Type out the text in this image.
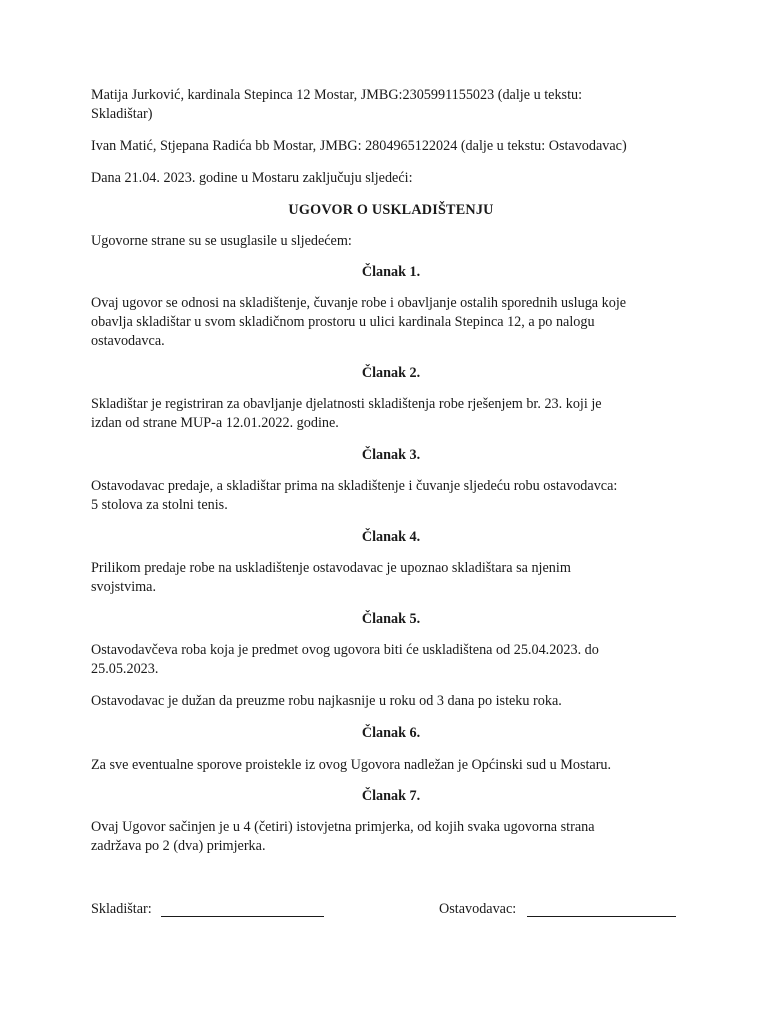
Matija Jurković, kardinala Stepinca 12 Mostar, JMBG:2305991155023 (dalje u tekstu:
Skladištar)
Ivan Matić, Stjepana Radića bb Mostar, JMBG: 2804965122024 (dalje u tekstu: Ostavodavac)
Dana 21.04. 2023. godine u Mostaru zaključuju sljedeći:
UGOVOR O USKLADIŠTENJU
Ugovorne strane su se usuglasile u sljedećem:
Članak 1.
Ovaj ugovor se odnosi na skladištenje, čuvanje robe i obavljanje ostalih sporednih usluga koje
obavlja skladištar u svom skladičnom prostoru u ulici kardinala Stepinca 12, a po nalogu
ostavodavca.
Članak 2.
Skladištar je registriran za obavljanje djelatnosti skladištenja robe rješenjem br. 23. koji je
izdan od strane MUP-a 12.01.2022. godine.
Članak 3.
Ostavodavac predaje, a skladištar prima na skladištenje i čuvanje sljedeću robu ostavodavca:
5 stolova za stolni tenis.
Članak 4.
Prilikom predaje robe na uskladištenje ostavodavac je upoznao skladištara sa njenim
svojstvima.
Članak 5.
Ostavodavčeva roba koja je predmet ovog ugovora biti će uskladištena od 25.04.2023. do
25.05.2023.
Ostavodavac je dužan da preuzme robu najkasnije u roku od 3 dana po isteku roka.
Članak 6.
Za sve eventualne sporove proistekle iz ovog Ugovora nadležan je Općinski sud u Mostaru.
Članak 7.
Ovaj Ugovor sačinjen je u 4 (četiri) istovjetna primjerka, od kojih svaka ugovorna strana
zadržava po 2 (dva) primjerka.
Skladištar:	Ostavodavac:
